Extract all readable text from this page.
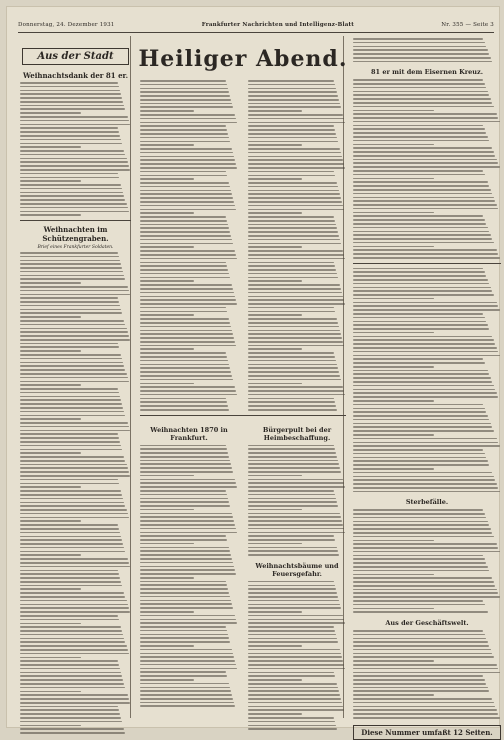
Donnerstag, 24. Dezember 1931	Frankfurter Nachrichten und Intelligenz-Blatt	Nr. 355 — Seite 3
Aus der Stadt
Weihnachtsdank der 81 er.
Weihnachten im Schützengraben.
Brief eines Frankfurter Soldaten.
Heiliger Abend.
Weihnachten 1870 in Frankfurt.
Bürgerpult bei der Heimbeschaffung.
Weihnachtsbäume und Feuersgefahr.
81 er mit dem Eisernen Kreuz.
Sterbefälle.
Aus der Geschäftswelt.
Diese Nummer umfaßt 12 Seiten.
